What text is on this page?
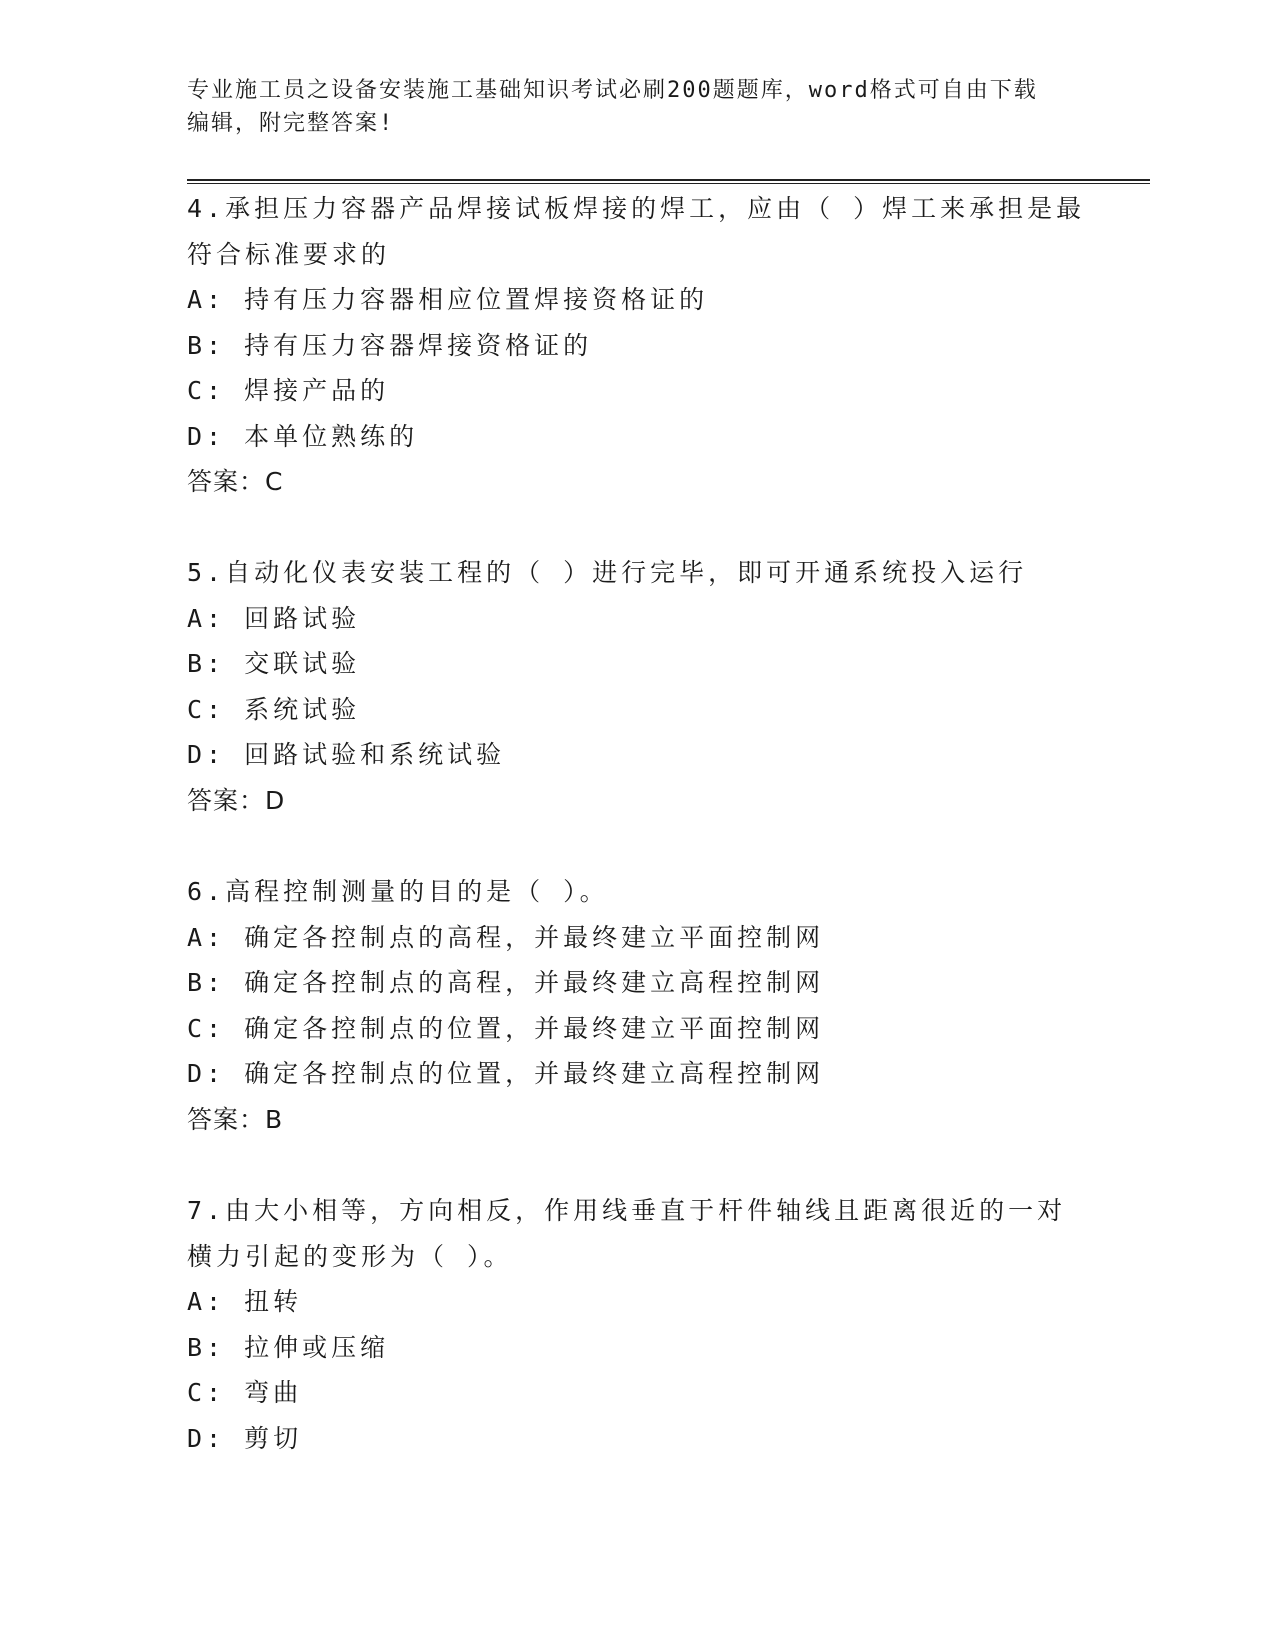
专业施工员之设备安装施工基础知识考试必刷200题题库，word格式可自由下载
编辑，附完整答案!
4.承担压力容器产品焊接试板焊接的焊工，应由（ ）焊工来承担是最
符合标准要求的
A: 持有压力容器相应位置焊接资格证的
B: 持有压力容器焊接资格证的
C: 焊接产品的
D: 本单位熟练的
答案：C
5.自动化仪表安装工程的（ ）进行完毕，即可开通系统投入运行
A: 回路试验
B: 交联试验
C: 系统试验
D: 回路试验和系统试验
答案：D
6.高程控制测量的目的是（ ）。
A: 确定各控制点的高程，并最终建立平面控制网
B: 确定各控制点的高程，并最终建立高程控制网
C: 确定各控制点的位置，并最终建立平面控制网
D: 确定各控制点的位置，并最终建立高程控制网
答案：B
7.由大小相等，方向相反，作用线垂直于杆件轴线且距离很近的一对
横力引起的变形为（ ）。
A: 扭转
B: 拉伸或压缩
C: 弯曲
D: 剪切
